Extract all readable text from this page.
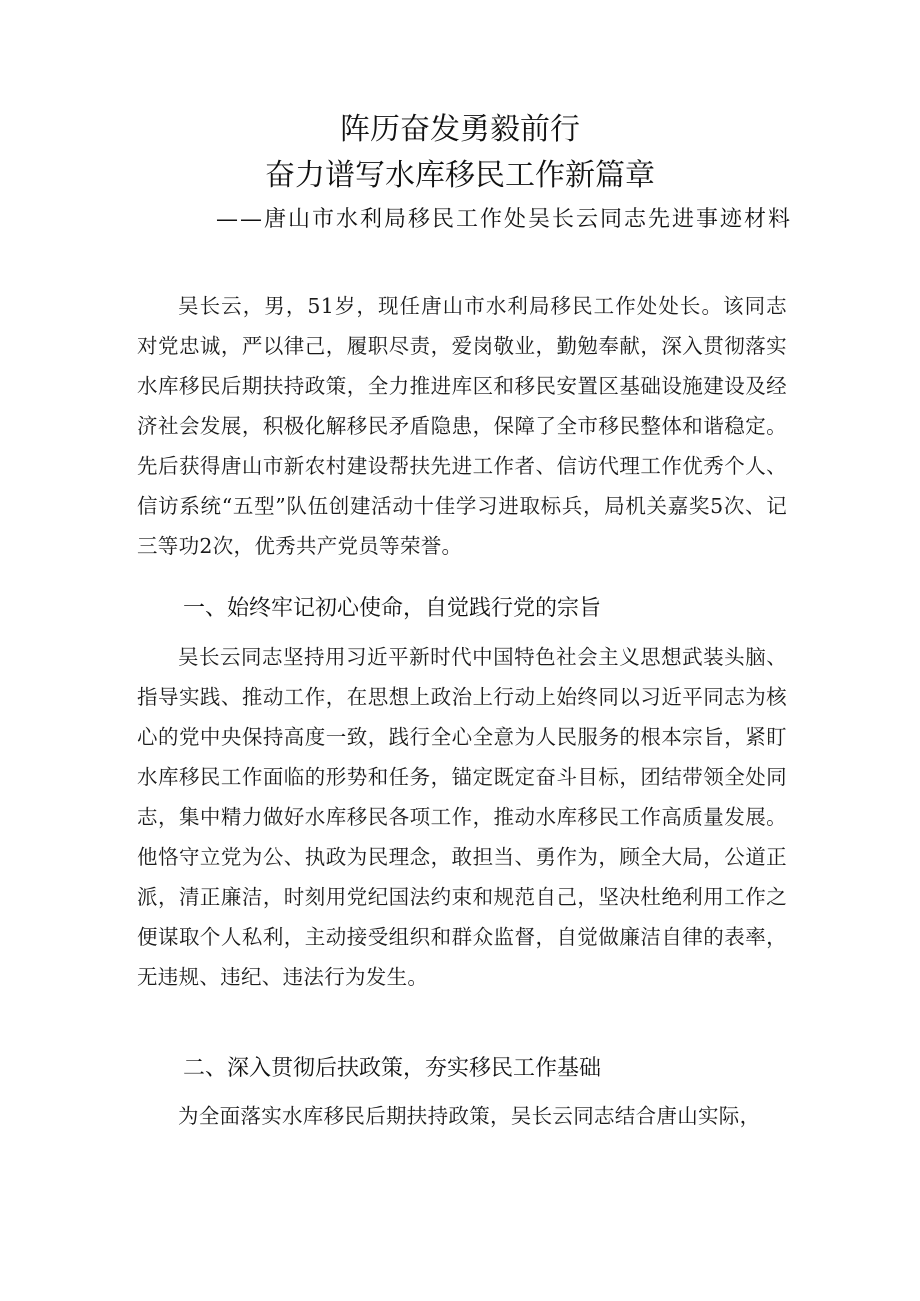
阵历奋发勇毅前行
奋力谱写水库移民工作新篇章
——唐山市水利局移民工作处吴长云同志先进事迹材料

吴长云，男，51岁，现任唐山市水利局移民工作处处长。该同志对党忠诚，严以律己，履职尽责，爱岗敬业，勤勉奉献，深入贯彻落实水库移民后期扶持政策，全力推进库区和移民安置区基础设施建设及经济社会发展，积极化解移民矛盾隐患，保障了全市移民整体和谐稳定。先后获得唐山市新农村建设帮扶先进工作者、信访代理工作优秀个人、信访系统“五型”队伍创建活动十佳学习进取标兵，局机关嘉奖5次、记三等功2次，优秀共产党员等荣誉。

一、始终牢记初心使命，自觉践行党的宗旨

吴长云同志坚持用习近平新时代中国特色社会主义思想武装头脑、指导实践、推动工作，在思想上政治上行动上始终同以习近平同志为核心的党中央保持高度一致，践行全心全意为人民服务的根本宗旨，紧盯水库移民工作面临的形势和任务，锚定既定奋斗目标，团结带领全处同志，集中精力做好水库移民各项工作，推动水库移民工作高质量发展。他恪守立党为公、执政为民理念，敢担当、勇作为，顾全大局，公道正派，清正廉洁，时刻用党纪国法约束和规范自己，坚决杜绝利用工作之便谋取个人私利，主动接受组织和群众监督，自觉做廉洁自律的表率，无违规、违纪、违法行为发生。

二、深入贯彻后扶政策，夯实移民工作基础

为全面落实水库移民后期扶持政策，吴长云同志结合唐山实际，
